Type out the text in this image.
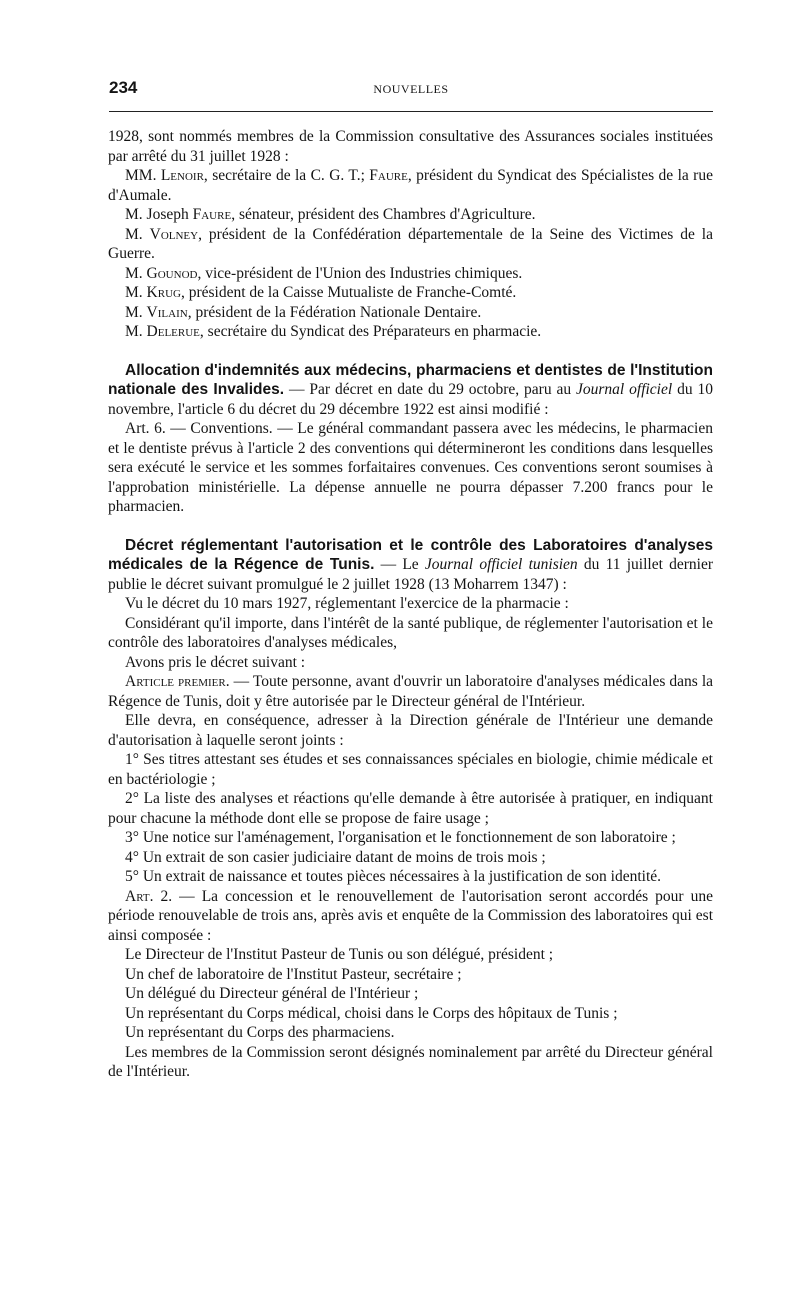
234	NOUVELLES

1928, sont nommés membres de la Commission consultative des Assurances sociales instituées par arrêté du 31 juillet 1928 :

MM. Lenoir, secrétaire de la C. G. T.; Faure, président du Syndicat des Spécialistes de la rue d'Aumale.

M. Joseph Faure, sénateur, président des Chambres d'Agriculture.

M. Volney, président de la Confédération départementale de la Seine des Victimes de la Guerre.

M. Gounod, vice-président de l'Union des Industries chimiques.

M. Krug, président de la Caisse Mutualiste de Franche-Comté.

M. Vilain, président de la Fédération Nationale Dentaire.

M. Delerue, secrétaire du Syndicat des Préparateurs en pharmacie.

Allocation d'indemnités aux médecins, pharmaciens et dentistes de l'Institution nationale des Invalides. — Par décret en date du 29 octobre, paru au Journal officiel du 10 novembre, l'article 6 du décret du 29 décembre 1922 est ainsi modifié :

Art. 6. — Conventions. — Le général commandant passera avec les médecins, le pharmacien et le dentiste prévus à l'article 2 des conventions qui détermineront les conditions dans lesquelles sera exécuté le service et les sommes forfaitaires convenues. Ces conventions seront soumises à l'approbation ministérielle. La dépense annuelle ne pourra dépasser 7.200 francs pour le pharmacien.

Décret réglementant l'autorisation et le contrôle des Laboratoires d'analyses médicales de la Régence de Tunis. — Le Journal officiel tunisien du 11 juillet dernier publie le décret suivant promulgué le 2 juillet 1928 (13 Moharrem 1347) :

Vu le décret du 10 mars 1927, réglementant l'exercice de la pharmacie :

Considérant qu'il importe, dans l'intérêt de la santé publique, de réglementer l'autorisation et le contrôle des laboratoires d'analyses médicales,

Avons pris le décret suivant :

Article premier. — Toute personne, avant d'ouvrir un laboratoire d'analyses médicales dans la Régence de Tunis, doit y être autorisée par le Directeur général de l'Intérieur.

Elle devra, en conséquence, adresser à la Direction générale de l'Intérieur une demande d'autorisation à laquelle seront joints :

1° Ses titres attestant ses études et ses connaissances spéciales en biologie, chimie médicale et en bactériologie ;

2° La liste des analyses et réactions qu'elle demande à être autorisée à pratiquer, en indiquant pour chacune la méthode dont elle se propose de faire usage ;

3° Une notice sur l'aménagement, l'organisation et le fonctionnement de son laboratoire ;

4° Un extrait de son casier judiciaire datant de moins de trois mois ;

5° Un extrait de naissance et toutes pièces nécessaires à la justification de son identité.

Art. 2. — La concession et le renouvellement de l'autorisation seront accordés pour une période renouvelable de trois ans, après avis et enquête de la Commission des laboratoires qui est ainsi composée :

Le Directeur de l'Institut Pasteur de Tunis ou son délégué, président ;

Un chef de laboratoire de l'Institut Pasteur, secrétaire ;

Un délégué du Directeur général de l'Intérieur ;

Un représentant du Corps médical, choisi dans le Corps des hôpitaux de Tunis ;

Un représentant du Corps des pharmaciens.

Les membres de la Commission seront désignés nominalement par arrêté du Directeur général de l'Intérieur.
